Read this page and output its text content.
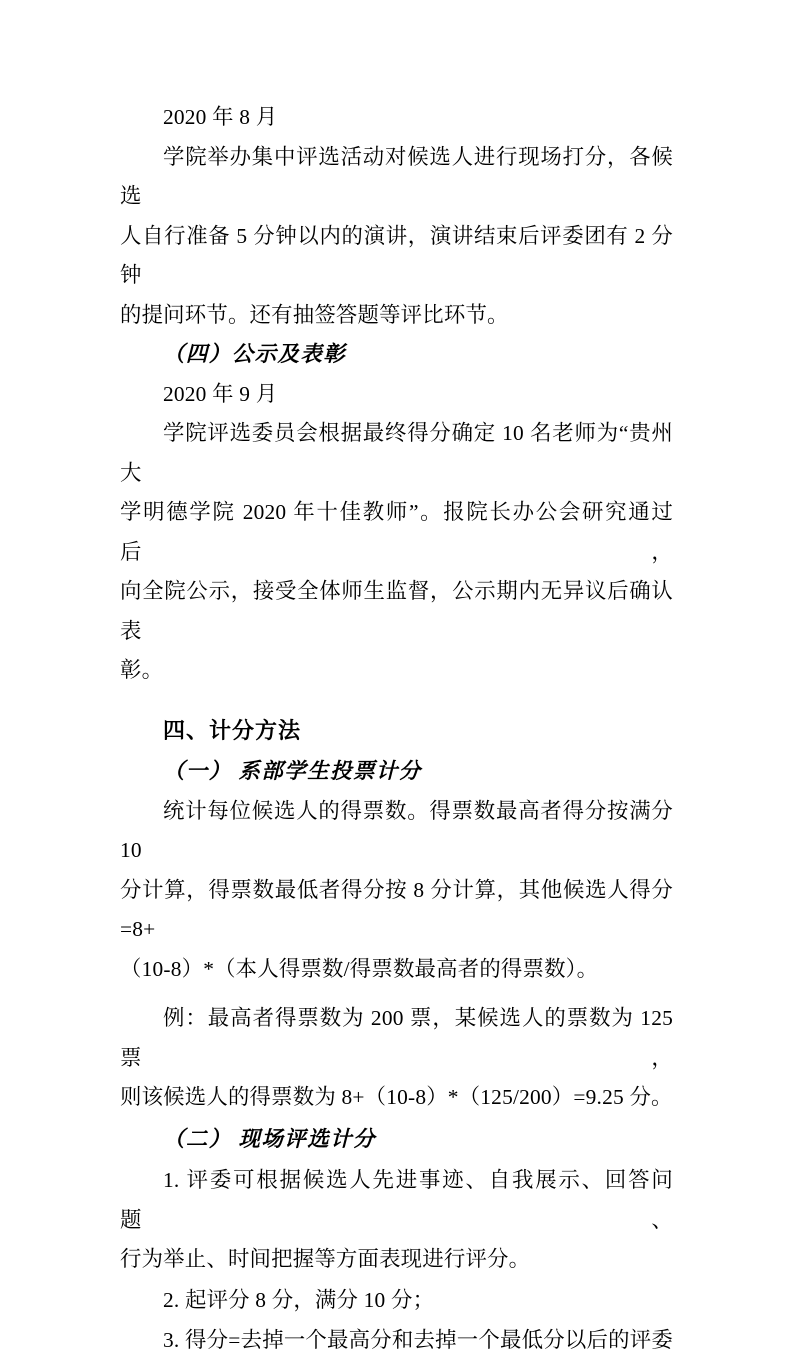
2020 年 8 月
学院举办集中评选活动对候选人进行现场打分，各候选
人自行准备 5 分钟以内的演讲，演讲结束后评委团有 2 分钟
的提问环节。还有抽签答题等评比环节。
（四）公示及表彰
2020 年 9 月
学院评选委员会根据最终得分确定 10 名老师为“贵州大
学明德学院 2020 年十佳教师”。报院长办公会研究通过后，
向全院公示，接受全体师生监督，公示期内无异议后确认表
彰。
四、计分方法
（一） 系部学生投票计分
统计每位候选人的得票数。得票数最高者得分按满分 10
分计算，得票数最低者得分按 8 分计算，其他候选人得分=8+
（10-8）*（本人得票数/得票数最高者的得票数）。
例：最高者得票数为 200 票，某候选人的票数为 125 票，
则该候选人的得票数为 8+（10-8）*（125/200）=9.25 分。
（二） 现场评选计分
1. 评委可根据候选人先进事迹、自我展示、回答问题、
行为举止、时间把握等方面表现进行评分。
2. 起评分 8 分，满分 10 分；
3. 得分=去掉一个最高分和去掉一个最低分以后的评委
